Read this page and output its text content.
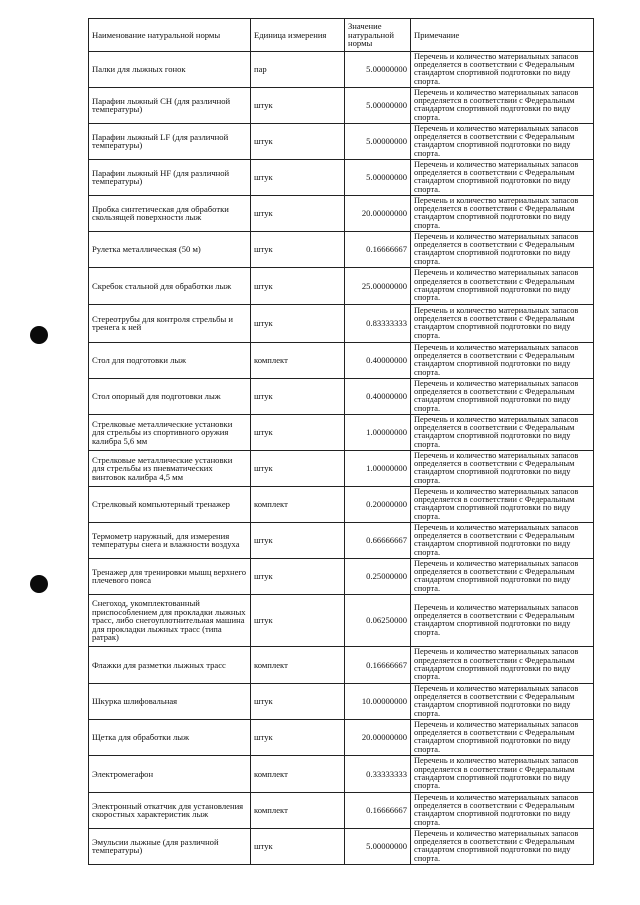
Наименование натуральной нормы	Единица измерения	Значение натуральной нормы	Примечание
Палки для лыжных гонок	пар	5.00000000	Перечень и количество материальных запасов определяется в соответствии с Федеральным стандартом спортивной подготовки по виду спорта.
Парафин лыжный CH (для различной температуры)	штук	5.00000000	Перечень и количество материальных запасов определяется в соответствии с Федеральным стандартом спортивной подготовки по виду спорта.
Парафин лыжный LF (для различной температуры)	штук	5.00000000	Перечень и количество материальных запасов определяется в соответствии с Федеральным стандартом спортивной подготовки по виду спорта.
Парафин лыжный HF (для различной температуры)	штук	5.00000000	Перечень и количество материальных запасов определяется в соответствии с Федеральным стандартом спортивной подготовки по виду спорта.
Пробка синтетическая для обработки скользящей поверхности лыж	штук	20.00000000	Перечень и количество материальных запасов определяется в соответствии с Федеральным стандартом спортивной подготовки по виду спорта.
Рулетка металлическая (50 м)	штук	0.16666667	Перечень и количество материальных запасов определяется в соответствии с Федеральным стандартом спортивной подготовки по виду спорта.
Скребок стальной для обработки лыж	штук	25.00000000	Перечень и количество материальных запасов определяется в соответствии с Федеральным стандартом спортивной подготовки по виду спорта.
Стереотрубы для контроля стрельбы и тренега к ней	штук	0.83333333	Перечень и количество материальных запасов определяется в соответствии с Федеральным стандартом спортивной подготовки по виду спорта.
Стол для подготовки лыж	комплект	0.40000000	Перечень и количество материальных запасов определяется в соответствии с Федеральным стандартом спортивной подготовки по виду спорта.
Стол опорный для подготовки лыж	штук	0.40000000	Перечень и количество материальных запасов определяется в соответствии с Федеральным стандартом спортивной подготовки по виду спорта.
Стрелковые металлические установки для стрельбы из спортивного оружия калибра 5,6 мм	штук	1.00000000	Перечень и количество материальных запасов определяется в соответствии с Федеральным стандартом спортивной подготовки по виду спорта.
Стрелковые металлические установки для стрельбы из пневматических винтовок калибра 4,5 мм	штук	1.00000000	Перечень и количество материальных запасов определяется в соответствии с Федеральным стандартом спортивной подготовки по виду спорта.
Стрелковый компьютерный тренажер	комплект	0.20000000	Перечень и количество материальных запасов определяется в соответствии с Федеральным стандартом спортивной подготовки по виду спорта.
Термометр наружный, для измерения температуры снега и влажности воздуха	штук	0.66666667	Перечень и количество материальных запасов определяется в соответствии с Федеральным стандартом спортивной подготовки по виду спорта.
Тренажер для тренировки мышц верхнего плечевого пояса	штук	0.25000000	Перечень и количество материальных запасов определяется в соответствии с Федеральным стандартом спортивной подготовки по виду спорта.
Снегоход, укомплектованный приспособлением для прокладки лыжных трасс, либо снегоуплотнительная машина для прокладки лыжных трасс (типа ратрак)	штук	0.06250000	Перечень и количество материальных запасов определяется в соответствии с Федеральным стандартом спортивной подготовки по виду спорта.
Флажки для разметки лыжных трасс	комплект	0.16666667	Перечень и количество материальных запасов определяется в соответствии с Федеральным стандартом спортивной подготовки по виду спорта.
Шкурка шлифовальная	штук	10.00000000	Перечень и количество материальных запасов определяется в соответствии с Федеральным стандартом спортивной подготовки по виду спорта.
Щетка для обработки лыж	штук	20.00000000	Перечень и количество материальных запасов определяется в соответствии с Федеральным стандартом спортивной подготовки по виду спорта.
Электромегафон	комплект	0.33333333	Перечень и количество материальных запасов определяется в соответствии с Федеральным стандартом спортивной подготовки по виду спорта.
Электронный откатчик для установления скоростных характеристик лыж	комплект	0.16666667	Перечень и количество материальных запасов определяется в соответствии с Федеральным стандартом спортивной подготовки по виду спорта.
Эмульсии лыжные (для различной температуры)	штук	5.00000000	Перечень и количество материальных запасов определяется в соответствии с Федеральным стандартом спортивной подготовки по виду спорта.
